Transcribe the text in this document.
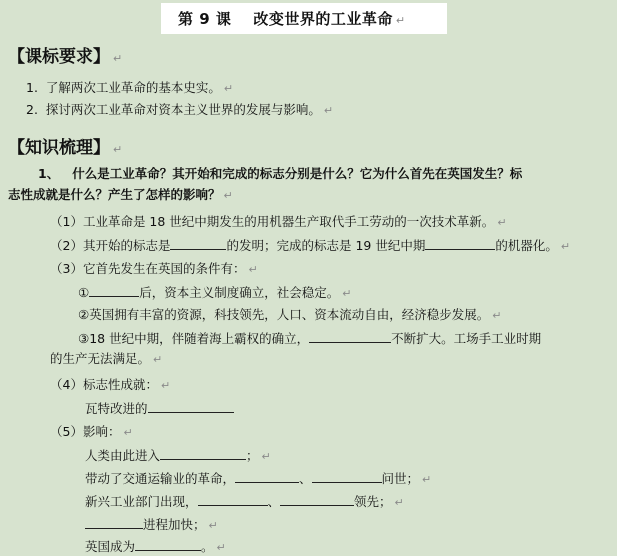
第 9 课 改变世界的工业革命 ↵
【课标要求】 ↵
1. 了解两次工业革命的基本史实。 ↵
2. 探讨两次工业革命对资本主义世界的发展与影响。 ↵
【知识梳理】 ↵
1、 什么是工业革命？其开始和完成的标志分别是什么？它为什么首先在英国发生？标
志性成就是什么？产生了怎样的影响？ ↵
（1）工业革命是 18 世纪中期发生的用机器生产取代手工劳动的一次技术革新。 ↵
（2）其开始的标志是	的发明；完成的标志是 19 世纪中期	的机器化。 ↵
（3）它首先发生在英国的条件有： ↵
①	后，资本主义制度确立，社会稳定。 ↵
②英国拥有丰富的资源，科技领先，人口、资本流动自由，经济稳步发展。 ↵
③18 世纪中期，伴随着海上霸权的确立，	不断扩大。工场手工业时期
的生产无法满足。 ↵
（4）标志性成就： ↵
瓦特改进的
（5）影响： ↵
人类由此进入	； ↵
带动了交通运输业的革命，	、	问世； ↵
新兴工业部门出现，	、	领先； ↵
进程加快； ↵
英国成为	。 ↵
